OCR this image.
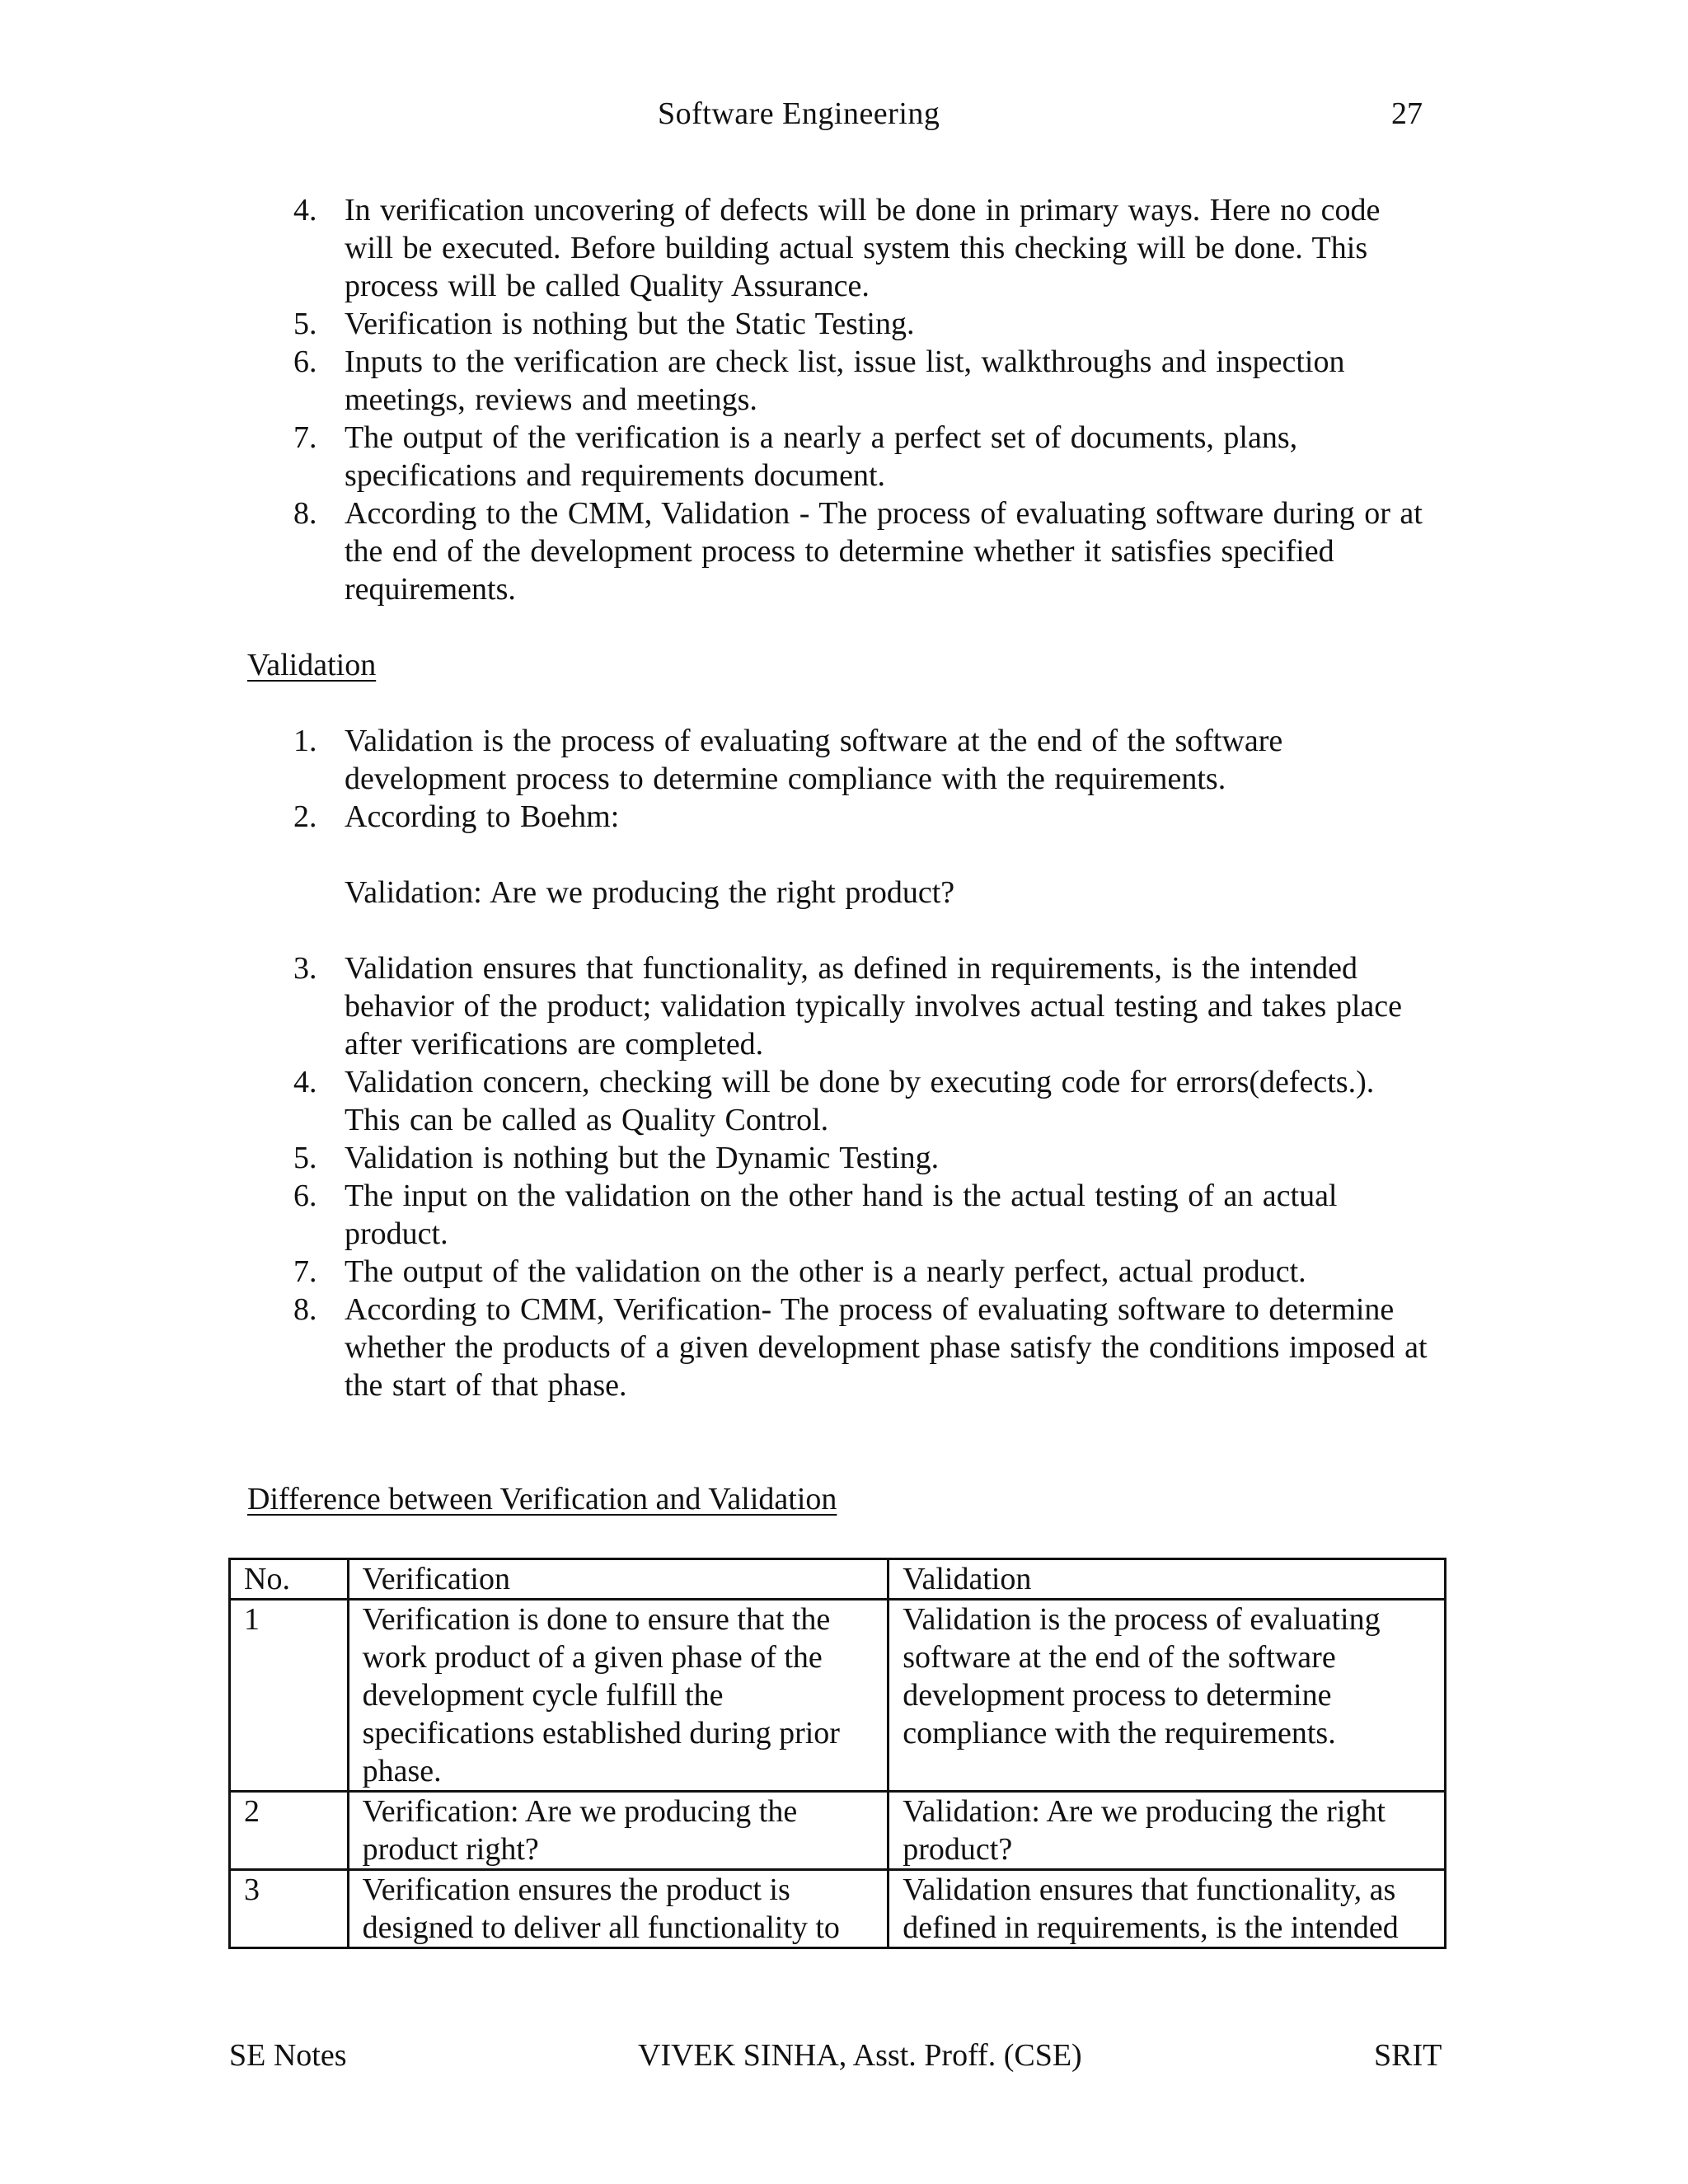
Software Engineering	27
4. In verification uncovering of defects will be done in primary ways. Here no code will be executed. Before building actual system this checking will be done. This process will be called Quality Assurance.
5. Verification is nothing but the Static Testing.
6. Inputs to the verification are check list, issue list, walkthroughs and inspection meetings, reviews and meetings.
7. The output of the verification is a nearly a perfect set of documents, plans, specifications and requirements document.
8. According to the CMM, Validation - The process of evaluating software during or at the end of the development process to determine whether it satisfies specified requirements.
Validation
1. Validation is the process of evaluating software at the end of the software development process to determine compliance with the requirements.
2. According to Boehm:
Validation: Are we producing the right product?
3. Validation ensures that functionality, as defined in requirements, is the intended behavior of the product; validation typically involves actual testing and takes place after verifications are completed.
4. Validation concern, checking will be done by executing code for errors(defects.). This can be called as Quality Control.
5. Validation is nothing but the Dynamic Testing.
6. The input on the validation on the other hand is the actual testing of an actual product.
7. The output of the validation on the other is a nearly perfect, actual product.
8. According to CMM, Verification- The process of evaluating software to determine whether the products of a given development phase satisfy the conditions imposed at the start of that phase.
Difference between Verification and Validation
No.	Verification	Validation
1	Verification is done to ensure that the work product of a given phase of the development cycle fulfill the specifications established during prior phase.	Validation is the process of evaluating software at the end of the software development process to determine compliance with the requirements.
2	Verification: Are we producing the product right?	Validation: Are we producing the right product?
3	Verification ensures the product is designed to deliver all functionality to	Validation ensures that functionality, as defined in requirements, is the intended
SE Notes	VIVEK SINHA, Asst. Proff. (CSE)	SRIT
